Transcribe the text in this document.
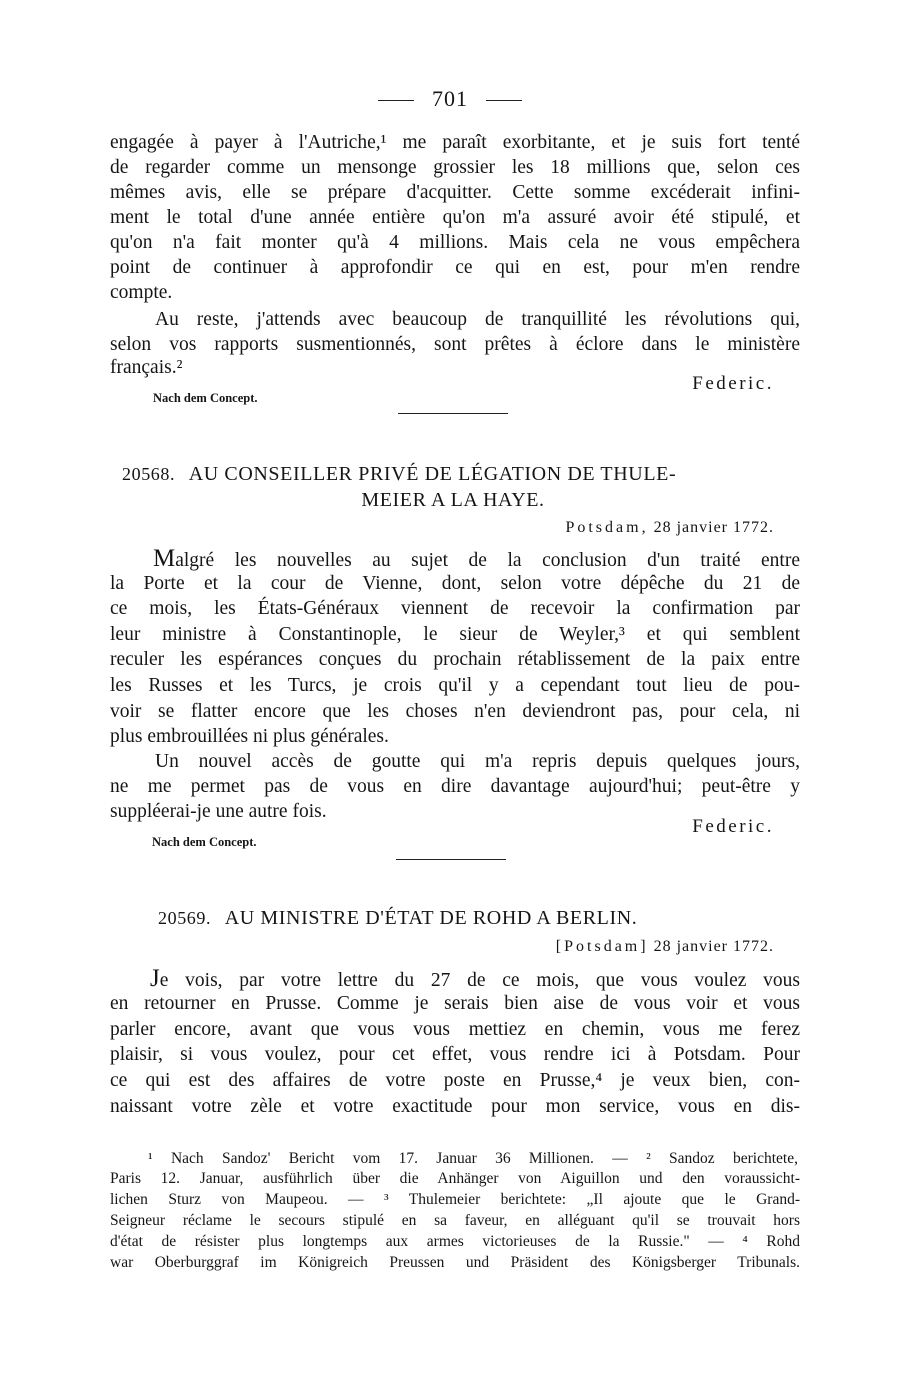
701
engagée à payer à l'Autriche,¹ me paraît exorbitante, et je suis fort tenté
de regarder comme un mensonge grossier les 18 millions que, selon ces
mêmes avis, elle se prépare d'acquitter. Cette somme excéderait infini-
ment le total d'une année entière qu'on m'a assuré avoir été stipulé, et
qu'on n'a fait monter qu'à 4 millions. Mais cela ne vous empêchera
point de continuer à approfondir ce qui en est, pour m'en rendre
compte.
Au reste, j'attends avec beaucoup de tranquillité les révolutions qui,
selon vos rapports susmentionnés, sont prêtes à éclore dans le ministère
français.²
Federic.
Nach dem Concept.
20568. AU CONSEILLER PRIVÉ DE LÉGATION DE THULE-
MEIER A LA HAYE.
Potsdam, 28 janvier 1772.
Malgré les nouvelles au sujet de la conclusion d'un traité entre
la Porte et la cour de Vienne, dont, selon votre dépêche du 21 de
ce mois, les États-Généraux viennent de recevoir la confirmation par
leur ministre à Constantinople, le sieur de Weyler,³ et qui semblent
reculer les espérances conçues du prochain rétablissement de la paix entre
les Russes et les Turcs, je crois qu'il y a cependant tout lieu de pou-
voir se flatter encore que les choses n'en deviendront pas, pour cela, ni
plus embrouillées ni plus générales.
Un nouvel accès de goutte qui m'a repris depuis quelques jours,
ne me permet pas de vous en dire davantage aujourd'hui; peut-être y
suppléerai-je une autre fois.
Federic.
Nach dem Concept.
20569. AU MINISTRE D'ÉTAT DE ROHD A BERLIN.
[Potsdam] 28 janvier 1772.
Je vois, par votre lettre du 27 de ce mois, que vous voulez vous
en retourner en Prusse. Comme je serais bien aise de vous voir et vous
parler encore, avant que vous vous mettiez en chemin, vous me ferez
plaisir, si vous voulez, pour cet effet, vous rendre ici à Potsdam. Pour
ce qui est des affaires de votre poste en Prusse,⁴ je veux bien, con-
naissant votre zèle et votre exactitude pour mon service, vous en dis-
¹ Nach Sandoz' Bericht vom 17. Januar 36 Millionen. — ² Sandoz berichtete,
Paris 12. Januar, ausführlich über die Anhänger von Aiguillon und den voraussicht-
lichen Sturz von Maupeou. — ³ Thulemeier berichtete: „Il ajoute que le Grand-
Seigneur réclame le secours stipulé en sa faveur, en alléguant qu'il se trouvait hors
d'état de résister plus longtemps aux armes victorieuses de la Russie." — ⁴ Rohd
war Oberburggraf im Königreich Preussen und Präsident des Königsberger Tribunals.
